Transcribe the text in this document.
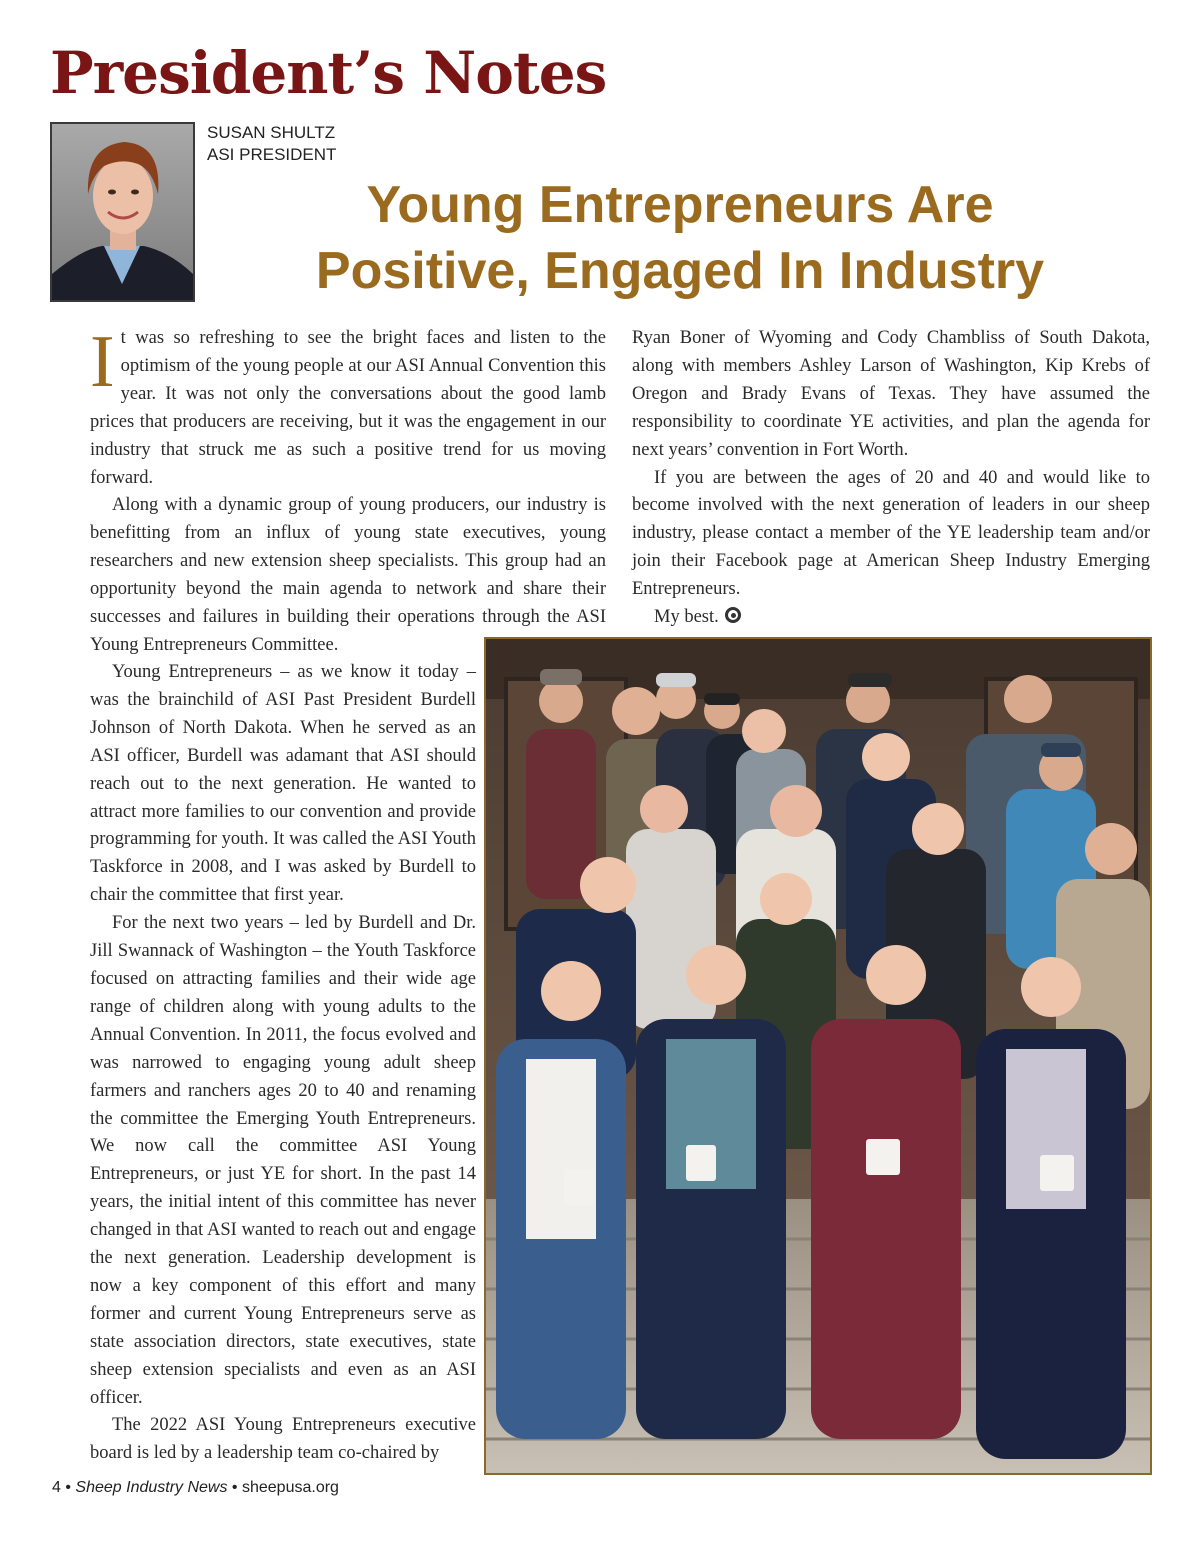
President’s Notes
SUSAN SHULTZ
ASI PRESIDENT
Young Entrepreneurs Are
Positive, Engaged In Industry

It was so refreshing to see the bright faces and listen to the optimism of the young people at our ASI Annual Convention this year. It was not only the conversations about the good lamb prices that producers are receiving, but it was the engagement in our industry that struck me as such a positive trend for us moving forward.

Along with a dynamic group of young producers, our industry is benefitting from an influx of young state executives, young researchers and new extension sheep specialists. This group had an opportunity beyond the main agenda to network and share their successes and failures in building their operations through the ASI Young Entrepreneurs Committee.

Young Entrepreneurs – as we know it today – was the brainchild of ASI Past President Burdell Johnson of North Dakota. When he served as an ASI officer, Burdell was adamant that ASI should reach out to the next generation. He wanted to attract more families to our convention and provide programming for youth. It was called the ASI Youth Taskforce in 2008, and I was asked by Burdell to chair the committee that first year.

For the next two years – led by Burdell and Dr. Jill Swannack of Washington – the Youth Taskforce focused on attracting families and their wide age range of children along with young adults to the Annual Convention. In 2011, the focus evolved and was narrowed to engaging young adult sheep farmers and ranchers ages 20 to 40 and renaming the committee the Emerging Youth Entrepreneurs. We now call the committee ASI Young Entrepreneurs, or just YE for short. In the past 14 years, the initial intent of this committee has never changed in that ASI wanted to reach out and engage the next generation. Leadership development is now a key component of this effort and many former and current Young Entrepreneurs serve as state association directors, state executives, state sheep extension specialists and even as an ASI officer.

The 2022 ASI Young Entrepreneurs executive board is led by a leadership team co-chaired by

Ryan Boner of Wyoming and Cody Chambliss of South Dakota, along with members Ashley Larson of Washington, Kip Krebs of Oregon and Brady Evans of Texas. They have assumed the responsibility to coordinate YE activities, and plan the agenda for next years’ convention in Fort Worth.

If you are between the ages of 20 and 40 and would like to become involved with the next generation of leaders in our sheep industry, please contact a member of the YE leadership team and/or join their Facebook page at American Sheep Industry Emerging Entrepreneurs.

My best.

4 • Sheep Industry News • sheepusa.org
